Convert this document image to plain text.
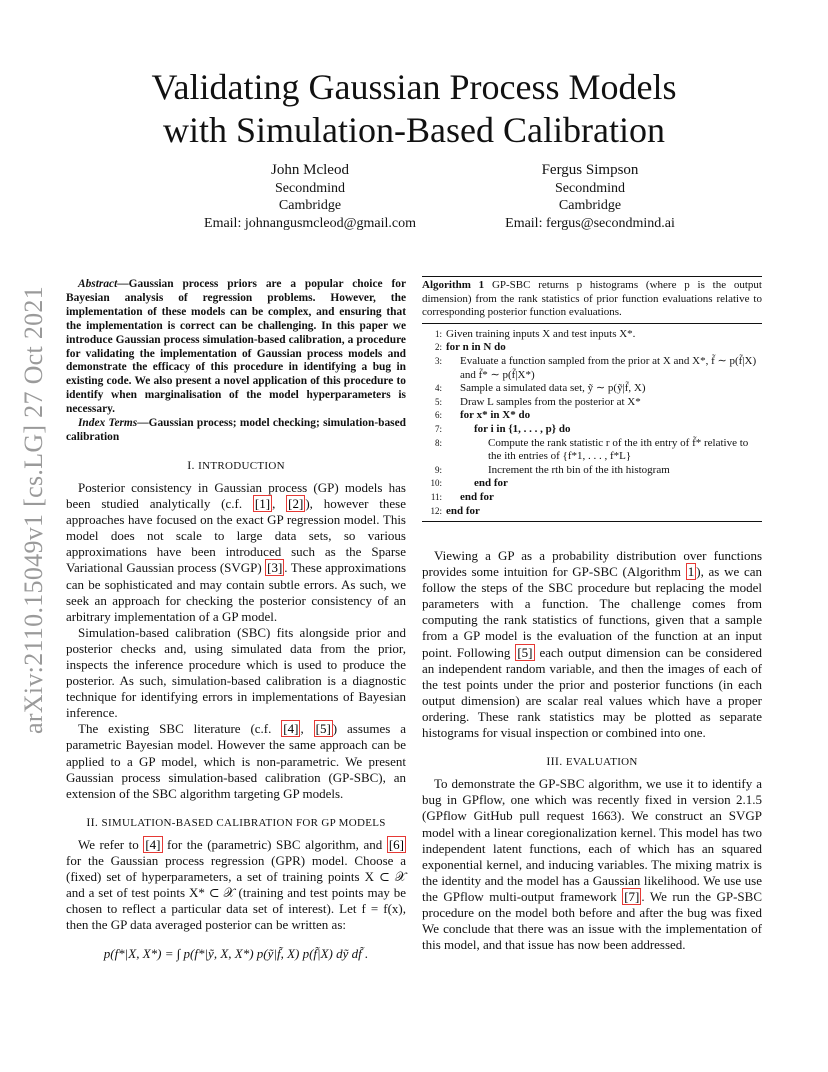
arXiv:2110.15049v1 [cs.LG] 27 Oct 2021
Validating Gaussian Process Models
with Simulation-Based Calibration
John Mcleod
Secondmind
Cambridge
Email: johnangusmcleod@gmail.com
Fergus Simpson
Secondmind
Cambridge
Email: fergus@secondmind.ai

Abstract—Gaussian process priors are a popular choice for Bayesian analysis of regression problems. However, the implementation of these models can be complex, and ensuring that the implementation is correct can be challenging. In this paper we introduce Gaussian process simulation-based calibration, a procedure for validating the implementation of Gaussian process models and demonstrate the efficacy of this procedure in identifying a bug in existing code. We also present a novel application of this procedure to identify when marginalisation of the model hyperparameters is necessary.

Index Terms—Gaussian process; model checking; simulation-based calibration

I. INTRODUCTION

Posterior consistency in Gaussian process (GP) models has been studied analytically (c.f. [1] , [2] ), however these approaches have focused on the exact GP regression model. This model does not scale to large data sets, so various approximations have been introduced such as the Sparse Variational Gaussian process (SVGP) [3] . These approximations can be sophisticated and may contain subtle errors. As such, we seek an approach for checking the posterior consistency of an arbitrary implementation of a GP model.

Simulation-based calibration (SBC) fits alongside prior and posterior checks and, using simulated data from the prior, inspects the inference procedure which is used to produce the posterior. As such, simulation-based calibration is a diagnostic technique for identifying errors in implementations of Bayesian inference.

The existing SBC literature (c.f. [4] , [5] ) assumes a parametric Bayesian model. However the same approach can be applied to a GP model, which is non-parametric. We present Gaussian process simulation-based calibration (GP-SBC), an extension of the SBC algorithm targeting GP models.

II. SIMULATION-BASED CALIBRATION FOR GP MODELS

We refer to [4] for the (parametric) SBC algorithm, and [6] for the Gaussian process regression (GPR) model. Choose a (fixed) set of hyperparameters, a set of training points X ⊂ 𝒳 and a set of test points X* ⊂ 𝒳 (training and test points may be chosen to reflect a particular data set of interest). Let f = f(x), then the GP data averaged posterior can be written as:

p(f*|X, X*) = ∫ p(f*|ỹ, X, X*) p(ỹ|f̃, X) p(f̃|X) dỹ df̃ .
Algorithm 1 GP-SBC returns p histograms (where p is the output dimension) from the rank statistics of prior function evaluations relative to corresponding posterior function evaluations.
1: Given training inputs X and test inputs X*.
2: for n in N do
3:	Evaluate a function sampled from the prior at X and X*, f̃ ∼ p(f̃|X) and f̃* ∼ p(f̃|X*)
4:	Sample a simulated data set, ỹ ∼ p(ỹ|f̃, X)
5:	Draw L samples from the posterior at X*
6:	for x* in X* do
7:	for i in {1, . . . , p} do
8:	Compute the rank statistic r of the ith entry of f̃* relative to the ith entries of {f*1, . . . , f*L}
9:	Increment the rth bin of the ith histogram
10:	end for
11:	end for
12: end for

Viewing a GP as a probability distribution over functions provides some intuition for GP-SBC (Algorithm 1 ), as we can follow the steps of the SBC procedure but replacing the model parameters with a function. The challenge comes from computing the rank statistics of functions, given that a sample from a GP model is the evaluation of the function at an input point. Following [5] each output dimension can be considered an independent random variable, and then the images of each of the test points under the prior and posterior functions (in each output dimension) are scalar real values which have a proper ordering. These rank statistics may be plotted as separate histograms for visual inspection or combined into one.

III. EVALUATION

To demonstrate the GP-SBC algorithm, we use it to identify a bug in GPflow, one which was recently fixed in version 2.1.5 (GPflow GitHub pull request 1663). We construct an SVGP model with a linear coregionalization kernel. This model has two independent latent functions, each of which has an squared exponential kernel, and inducing variables. The mixing matrix is the identity and the model has a Gaussian likelihood. We use use the GPflow multi-output framework [7] . We run the GP-SBC procedure on the model both before and after the bug was fixed We conclude that there was an issue with the implementation of this model, and that issue has now been addressed.
